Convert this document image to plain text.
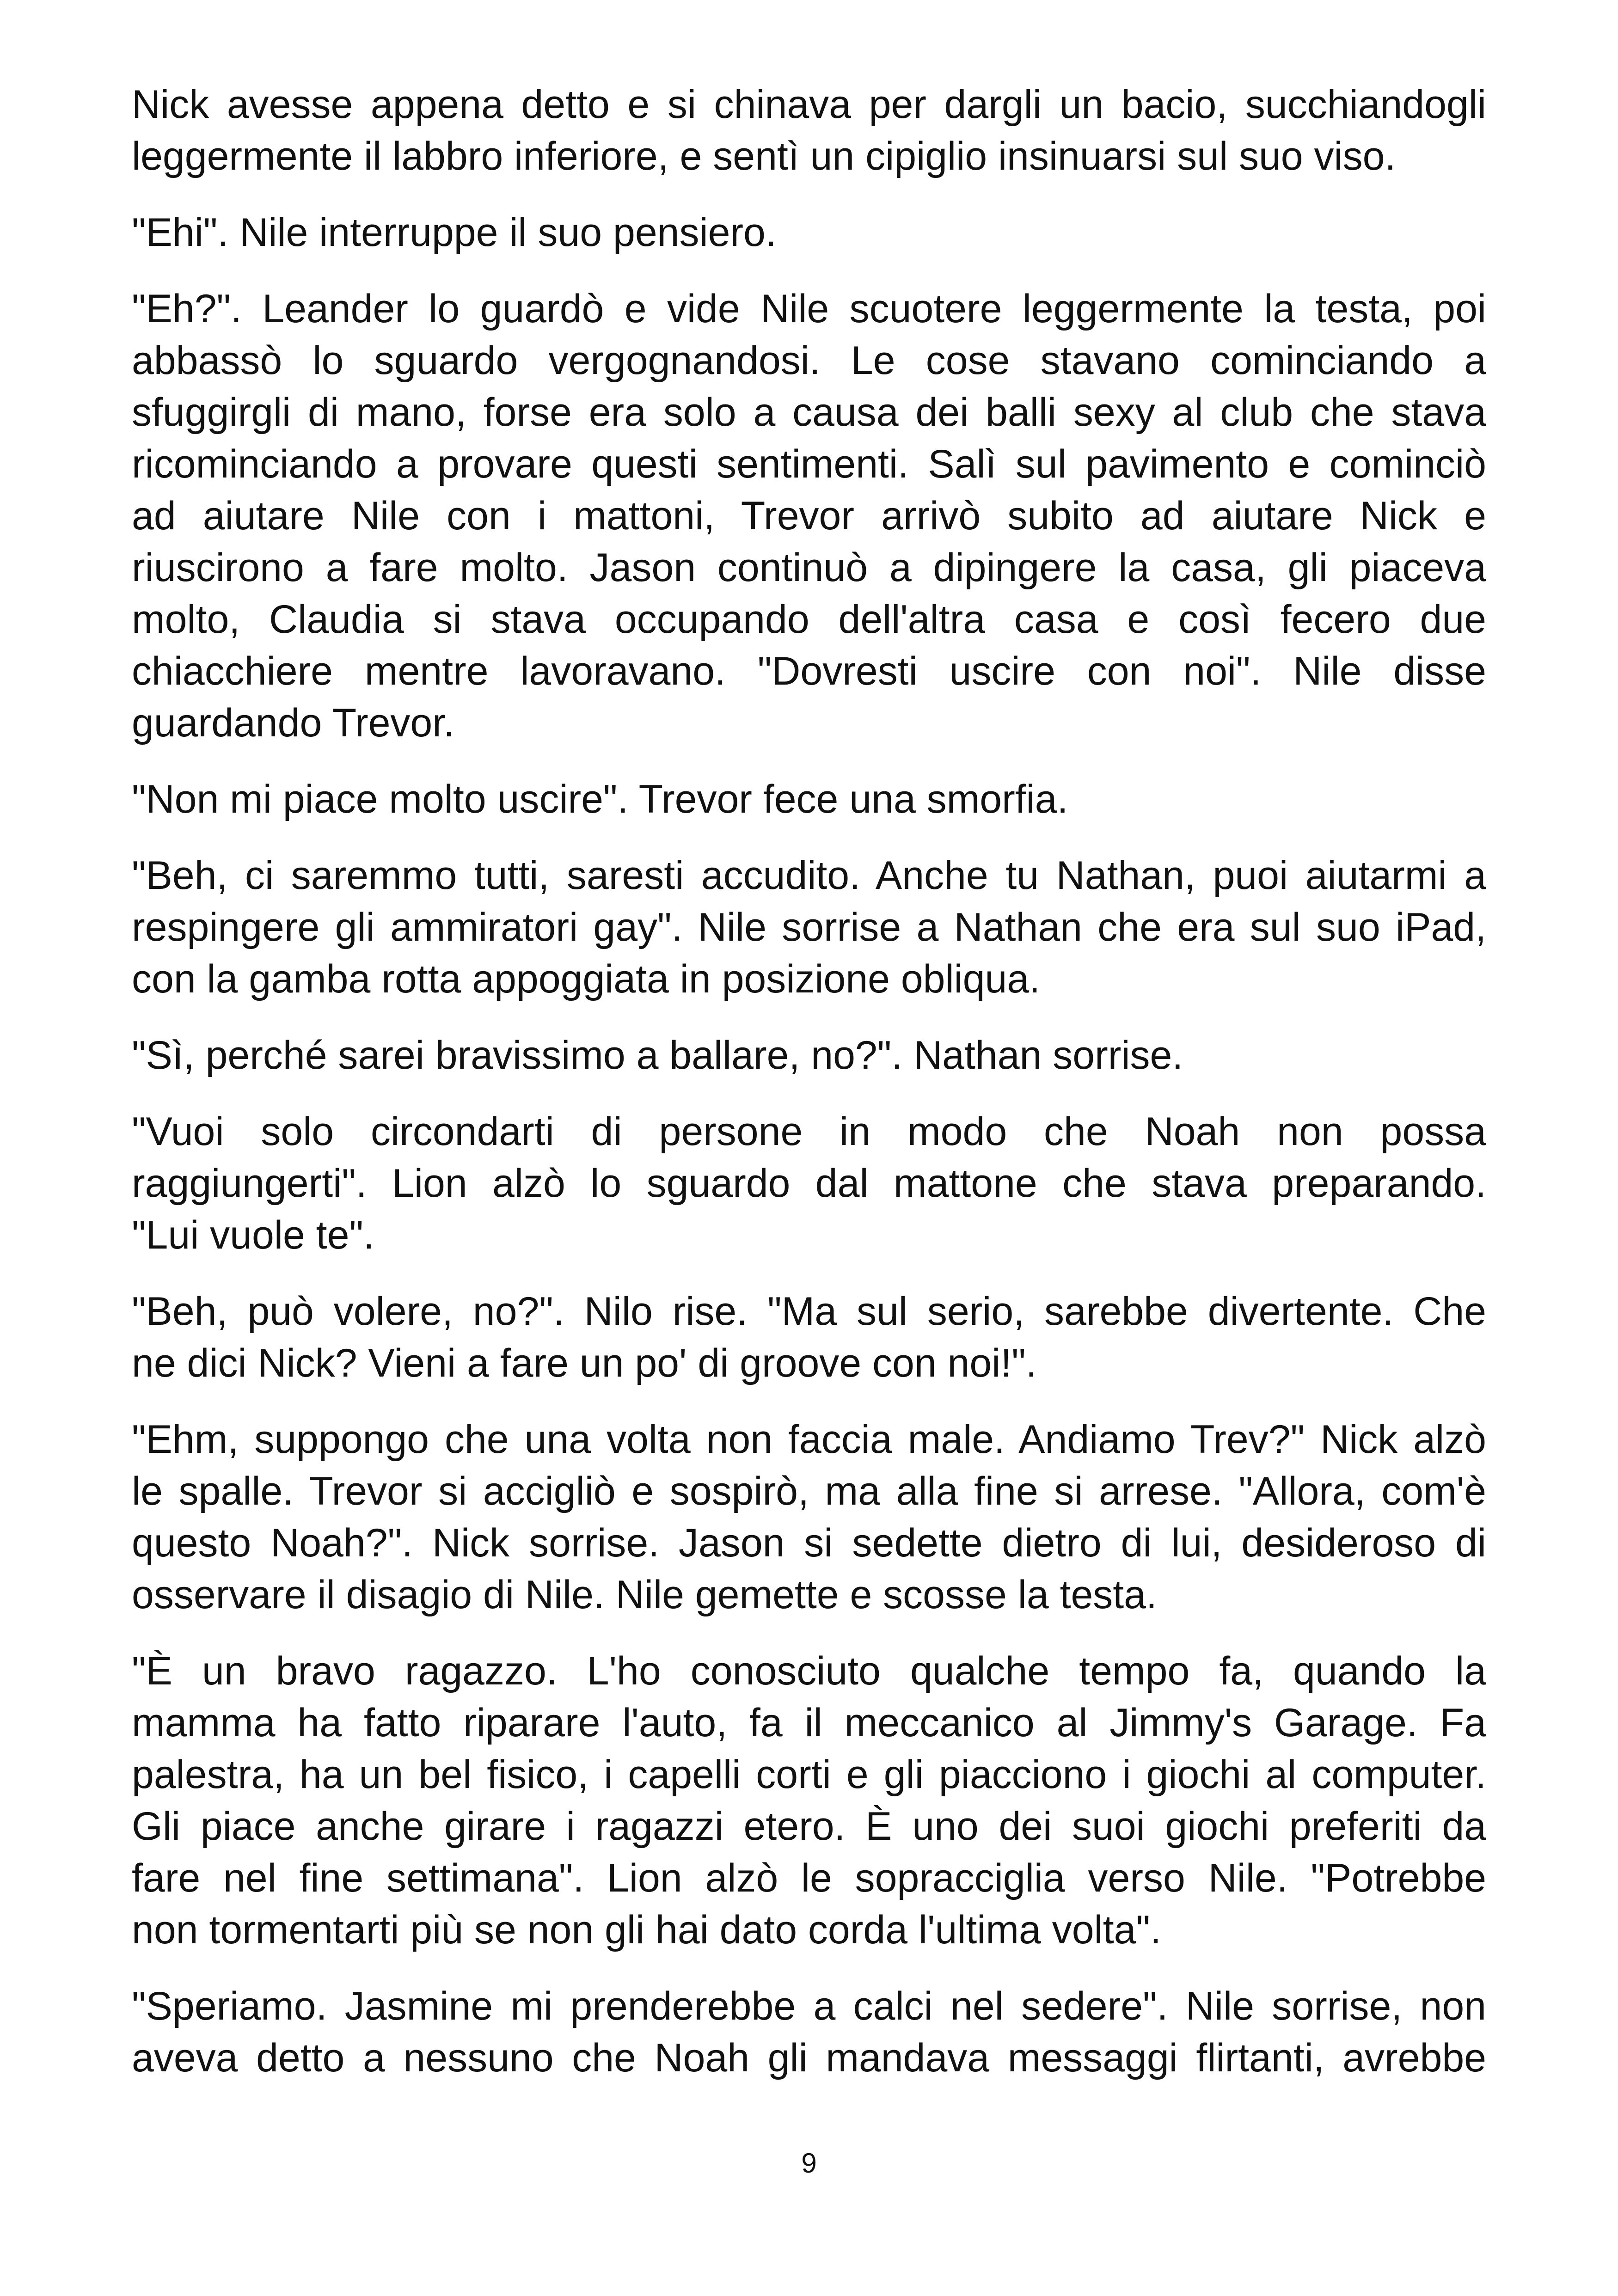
Nick avesse appena detto e si chinava per dargli un bacio, succhiandogli
leggermente il labbro inferiore, e sentì un cipiglio insinuarsi sul suo viso.

"Ehi". Nile interruppe il suo pensiero.

"Eh?". Leander lo guardò e vide Nile scuotere leggermente la testa, poi
abbassò lo sguardo vergognandosi. Le cose stavano cominciando a
sfuggirgli di mano, forse era solo a causa dei balli sexy al club che stava
ricominciando a provare questi sentimenti. Salì sul pavimento e cominciò
ad aiutare Nile con i mattoni, Trevor arrivò subito ad aiutare Nick e
riuscirono a fare molto. Jason continuò a dipingere la casa, gli piaceva
molto, Claudia si stava occupando dell'altra casa e così fecero due
chiacchiere mentre lavoravano. "Dovresti uscire con noi". Nile disse
guardando Trevor.

"Non mi piace molto uscire". Trevor fece una smorfia.

"Beh, ci saremmo tutti, saresti accudito. Anche tu Nathan, puoi aiutarmi a
respingere gli ammiratori gay". Nile sorrise a Nathan che era sul suo iPad,
con la gamba rotta appoggiata in posizione obliqua.

"Sì, perché sarei bravissimo a ballare, no?". Nathan sorrise.

"Vuoi solo circondarti di persone in modo che Noah non possa
raggiungerti". Lion alzò lo sguardo dal mattone che stava preparando.
"Lui vuole te".

"Beh, può volere, no?". Nilo rise. "Ma sul serio, sarebbe divertente. Che
ne dici Nick? Vieni a fare un po' di groove con noi!".

"Ehm, suppongo che una volta non faccia male. Andiamo Trev?" Nick alzò
le spalle. Trevor si accigliò e sospirò, ma alla fine si arrese. "Allora, com'è
questo Noah?". Nick sorrise. Jason si sedette dietro di lui, desideroso di
osservare il disagio di Nile. Nile gemette e scosse la testa.

"È un bravo ragazzo. L'ho conosciuto qualche tempo fa, quando la
mamma ha fatto riparare l'auto, fa il meccanico al Jimmy's Garage. Fa
palestra, ha un bel fisico, i capelli corti e gli piacciono i giochi al computer.
Gli piace anche girare i ragazzi etero. È uno dei suoi giochi preferiti da
fare nel fine settimana". Lion alzò le sopracciglia verso Nile. "Potrebbe
non tormentarti più se non gli hai dato corda l'ultima volta".

"Speriamo. Jasmine mi prenderebbe a calci nel sedere". Nile sorrise, non
aveva detto a nessuno che Noah gli mandava messaggi flirtanti, avrebbe

9
